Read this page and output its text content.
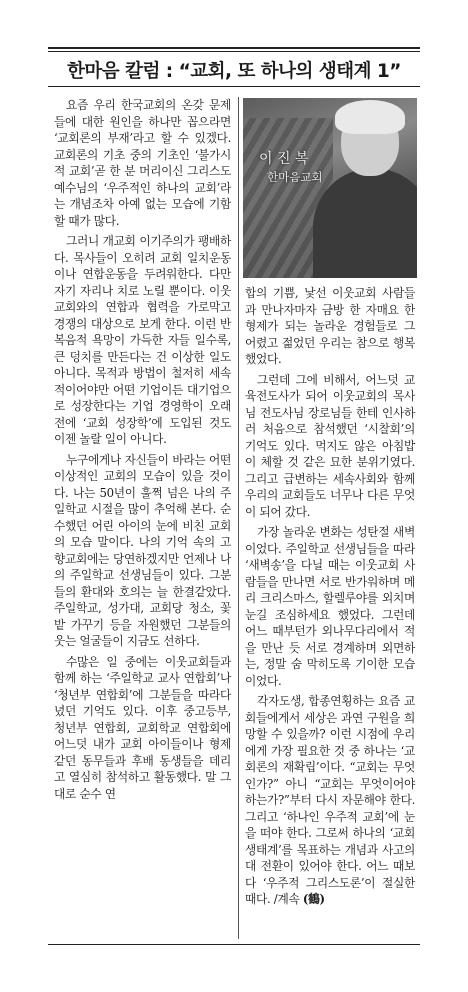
한마음 칼럼 : “교회, 또 하나의 생태계 1”

요즘 우리 한국교회의 온갖 문제들에 대한 원인을 하나만 꼽으라면 ‘교회론의 부재’라고 할 수 있겠다. 교회론의 기초 중의 기초인 ‘불가시적 교회’곧 한 분 머리이신 그리스도 예수님의 ‘우주적인 하나의 교회’라는 개념조차 아예 없는 모습에 기함할 때가 많다.

그러니 개교회 이기주의가 팽배하다. 목사들이 오히려 교회 일치운동이나 연합운동을 두려워한다. 다만 자기 자리나 치로 노릴 뿐이다. 이웃교회와의 연합과 협력을 가로막고 경쟁의 대상으로 보게 한다. 이런 반복음적 욕망이 가득한 자들 일수록, 큰 덩치를 만든다는 건 이상한 일도 아니다. 목적과 방법이 철저히 세속적이어야만 어떤 기업이든 대기업으로 성장한다는 기업 경영학이 오래전에 ‘교회 성장학’에 도입된 것도 이젠 놀랄 일이 아니다.

누구에게나 자신들이 바라는 어떤 이상적인 교회의 모습이 있을 것이다. 나는 50년이 훌쩍 넘은 나의 주일학교 시절을 많이 추억해 본다. 순수했던 어린 아이의 눈에 비친 교회의 모습 말이다. 나의 기억 속의 고향교회에는 당연하겠지만 언제나 나의 주일학교 선생님들이 있다. 그분들의 환대와 호의는 늘 한결같았다. 주일학교, 성가대, 교회당 청소, 꽃밭 가꾸기 등을 자원했던 그분들의 웃는 얼굴들이 지금도 선하다.

수많은 일 중에는 이웃교회들과 함께 하는 ‘주일학교 교사 연합회’나 ‘청년부 연합회’에 그분들을 따라다녔던 기억도 있다. 이후 중고등부, 청년부 연합회, 교회학교 연합회에 어느덧 내가 교회 아이들이나 형제 같던 동무들과 후배 동생들을 데리고 열심히 참석하고 활동했다. 말 그대로 순수 연

이 진 복
한마음교회

합의 기쁨, 낯선 이웃교회 사람들과 만나자마자 금방 한 자매요 한 형제가 되는 놀라운 경험들로 그 어렸고 젊었던 우리는 참으로 행복했었다.

그런데 그에 비해서, 어느덧 교육전도사가 되어 이웃교회의 목사님 전도사님 장로님들 한테 인사하러 처음으로 참석했던 ‘시찰회’의 기억도 있다. 먹지도 않은 아침밥이 체할 것 같은 묘한 분위기였다. 그리고 급변하는 세속사회와 함께 우리의 교회들도 너무나 다른 무엇이 되어 갔다.

가장 놀라운 변화는 성탄절 새벽이었다. 주일학교 선생님들을 따라 ‘새벽송’을 다닐 때는 이웃교회 사람들을 만나면 서로 반가워하며 메리 크리스마스, 할렐루야를 외치며 눈길 조심하세요 했었다. 그런데 어느 때부턴가 외나무다리에서 적을 만난 듯 서로 경계하며 외면하는, 정말 숨 막히도록 기이한 모습이었다.

각자도생, 합종연횡하는 요즘 교회들에게서 세상은 과연 구원을 희망할 수 있을까? 이런 시점에 우리에게 가장 필요한 것 중 하나는 ‘교회론의 재확립’이다. “교회는 무엇인가?” 아니 “교회는 무엇이어야 하는가?”부터 다시 자문해야 한다. 그리고 ‘하나인 우주적 교회’에 눈을 떠야 한다. 그로써 하나의 ‘교회 생태계’를 목표하는 개념과 사고의 대 전환이 있어야 한다. 어느 때보다 ‘우주적 그리스도론’이 절실한 때다. /계속 (鶴)
